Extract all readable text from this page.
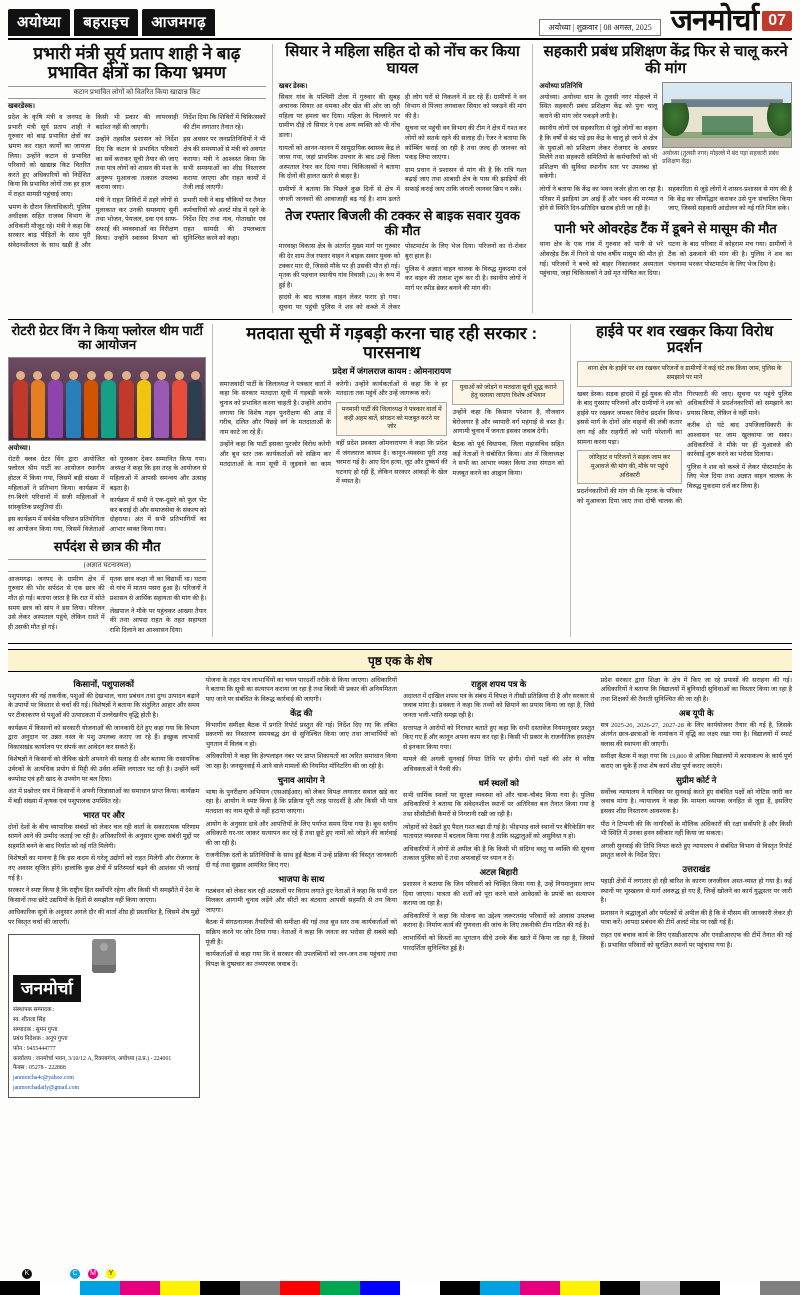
अयोध्या	बहराइच	आजमगढ़	अयोध्या | शुक्रवार | 08 अगस्त, 2025 जनमोर्च 07
प्रभारी मंत्री सूर्य प्रताप शाही ने बाढ़ प्रभावित क्षेत्रों का किया भ्रमण
कटान प्रभावित लोगों को वितरित किया खाद्यान्न किट
खबरडेस्क।

प्रदेश के कृषि मंत्री व जनपद के प्रभारी मंत्री सूर्य प्रताप शाही ने गुरुवार को बाढ़ प्रभावित क्षेत्रों का भ्रमण कर राहत कार्यों का जायजा लिया। उन्होंने कटान से प्रभावित परिवारों को खाद्यान्न किट वितरित करते हुए अधिकारियों को निर्देशित किया कि प्रभावित लोगों तक हर हाल में राहत सामग्री पहुंचाई जाए।

भ्रमण के दौरान जिलाधिकारी, पुलिस अधीक्षक सहित राजस्व विभाग के अधिकारी मौजूद रहे। मंत्री ने कहा कि सरकार बाढ़ पीड़ितों के साथ पूरी संवेदनशीलता के साथ खड़ी है और किसी भी प्रकार की लापरवाही बर्दाश्त नहीं की जाएगी।

उन्होंने तहसील प्रशासन को निर्देश दिए कि कटान से प्रभावित परिवारों का सर्वे कराकर सूची तैयार की जाए तथा पात्र लोगों को शासन की मंशा के अनुरूप मुआवजा तत्काल उपलब्ध कराया जाए।

मंत्री ने राहत शिविरों में ठहरे लोगों से मुलाकात कर उनकी समस्याएं सुनीं तथा भोजन, पेयजल, दवा एवं साफ-सफाई की व्यवस्थाओं का निरीक्षण किया। उन्होंने स्वास्थ्य विभाग को निर्देश दिया कि शिविरों में चिकित्सकों की टीम लगातार तैनात रहे।

इस अवसर पर जनप्रतिनिधियों ने भी क्षेत्र की समस्याओं से मंत्री को अवगत कराया। मंत्री ने आश्वस्त किया कि सभी समस्याओं का शीघ्र निस्तारण कराया जाएगा और राहत कार्यों में तेजी लाई जाएगी।

प्रभारी मंत्री ने बाढ़ चौकियों पर तैनात कर्मचारियों को अलर्ट मोड में रहने के निर्देश दिए तथा नाव, गोताखोर एवं राहत सामग्री की उपलब्धता सुनिश्चित करने को कहा।

सियार ने महिला सहित दो को नोंच कर किया घायल
खबर डेस्क।

सिवार गांव के पश्चिमी टोला में गुरुवार की सुबह अचानक सियार आ धमका और खेत की ओर जा रही महिला पर हमला कर दिया। महिला के चिल्लाने पर ग्रामीण दौड़े तो सियार ने एक अन्य व्यक्ति को भी नोंच डाला।

घायलों को आनन-फानन में सामुदायिक स्वास्थ्य केंद्र ले जाया गया, जहां प्राथमिक उपचार के बाद उन्हें जिला अस्पताल रेफर कर दिया गया। चिकित्सकों ने बताया कि दोनों की हालत खतरे से बाहर है।

ग्रामीणों ने बताया कि पिछले कुछ दिनों से क्षेत्र में जंगली जानवरों की आवाजाही बढ़ गई है। शाम ढलते ही लोग घरों से निकलने में डर रहे हैं। ग्रामीणों ने वन विभाग से पिंजरा लगवाकर सियार को पकड़ने की मांग की है।

सूचना पर पहुंची वन विभाग की टीम ने क्षेत्र में गश्त कर लोगों को सतर्क रहने की सलाह दी। रेंजर ने बताया कि कॉम्बिंग कराई जा रही है तथा जल्द ही जानवर को पकड़ लिया जाएगा।

ग्राम प्रधान ने प्रशासन से मांग की है कि रात्रि गश्त बढ़ाई जाए तथा आबादी क्षेत्र के पास की झाड़ियों की सफाई कराई जाए ताकि जंगली जानवर छिप न सकें।

तेज रफ्तार बिजली की टक्कर से बाइक सवार युवक की मौत

मारवाहा विकास क्षेत्र के अंतर्गत मुख्य मार्ग पर गुरुवार की देर शाम तेज रफ्तार वाहन ने बाइक सवार युवक को टक्कर मार दी, जिससे मौके पर ही उसकी मौत हो गई। मृतक की पहचान स्थानीय गांव निवासी (26) के रूप में हुई है।

हादसे के बाद चालक वाहन लेकर फरार हो गया। सूचना पर पहुंची पुलिस ने शव को कब्जे में लेकर पोस्टमार्टम के लिए भेज दिया। परिजनों का रो-रोकर बुरा हाल है।

पुलिस ने अज्ञात वाहन चालक के विरुद्ध मुकदमा दर्ज कर वाहन की तलाश शुरू कर दी है। स्थानीय लोगों ने मार्ग पर स्पीड ब्रेकर बनाने की मांग की।

सहकारी प्रबंध प्रशिक्षण केंद्र फिर से चालू करने की मांग
अयोध्या प्रतिनिधि

अयोध्या। अयोध्या धाम के तुलसी नगर मोहल्ले में स्थित सहकारी प्रबंध प्रशिक्षण केंद्र को पुनः चालू कराने की मांग जोर पकड़ने लगी है।

स्थानीय लोगों एवं सहकारिता से जुड़े लोगों का कहना है कि वर्षों से बंद पड़े इस केंद्र के चालू हो जाने से क्षेत्र के युवाओं को प्रशिक्षण लेकर रोजगार के अवसर मिलेंगे तथा सहकारी समितियों के कर्मचारियों को भी प्रशिक्षण की सुविधा स्थानीय स्तर पर उपलब्ध हो सकेगी।

अयोध्या (तुलसी नगर) मोहल्ले में बंद पड़ा सहकारी प्रबंध प्रशिक्षण केंद्र।

लोगों ने बताया कि केंद्र का भवन जर्जर होता जा रहा है। परिसर में झाड़ियां उग आई हैं और भवन की मरम्मत न होने से स्थिति दिन-प्रतिदिन खराब होती जा रही है।

सहकारिता से जुड़े लोगों ने शासन-प्रशासन से मांग की है कि केंद्र का जीर्णोद्धार कराकर उसे पुनः संचालित किया जाए, जिससे सहकारी आंदोलन को नई गति मिल सके।

पानी भरे ओवरहेड टैंक में डूबने से मासूम की मौत

थाना क्षेत्र के एक गांव में गुरुवार को पानी से भरे ओवरहेड टैंक में गिरने से पांच वर्षीय मासूम की मौत हो गई। परिजनों ने बच्चे को बाहर निकालकर अस्पताल पहुंचाया, जहां चिकित्सकों ने उसे मृत घोषित कर दिया।

घटना के बाद परिवार में कोहराम मच गया। ग्रामीणों ने टैंक को ढकवाने की मांग की है। पुलिस ने शव का पंचनामा भरकर पोस्टमार्टम के लिए भेज दिया है।

रोटरी ग्रेटर विंग ने किया फ्लोरल थीम पार्टी का आयोजन
अयोध्या।

रोटरी क्लब ग्रेटर विंग द्वारा आयोजित फ्लोरल थीम पार्टी का आयोजन स्थानीय होटल में किया गया, जिसमें बड़ी संख्या में महिलाओं ने प्रतिभाग किया। कार्यक्रम में रंग-बिरंगे परिधानों में सजी महिलाओं ने सांस्कृतिक प्रस्तुतियां दीं।

इस कार्यक्रम में सर्वश्रेष्ठ परिधान प्रतियोगिता का आयोजन किया गया, जिसमें विजेताओं को पुरस्कार देकर सम्मानित किया गया। अध्यक्ष ने कहा कि इस तरह के आयोजन से महिलाओं में आपसी समन्वय और उत्साह बढ़ता है।

कार्यक्रम में सभी ने एक-दूसरे को फूल भेंट कर बधाई दी और समाजसेवा के संकल्प को दोहराया। अंत में सभी प्रतिभागियों का आभार व्यक्त किया गया।

सर्पदंश से छात्र की मौत
(अज्ञात घटनास्थल)

आजमगढ़। जनपद के ग्रामीण क्षेत्र में गुरुवार की भोर सर्पदंश से एक छात्र की मौत हो गई। बताया जाता है कि रात में सोते समय छात्र को सांप ने डस लिया। परिजन उसे लेकर अस्पताल पहुंचे, लेकिन रास्ते में ही उसकी मौत हो गई।

मृतक छात्र कक्षा नौ का विद्यार्थी था। घटना से गांव में मातम पसरा हुआ है। परिजनों ने प्रशासन से आर्थिक सहायता की मांग की है।

लेखपाल ने मौके पर पहुंचकर आख्या तैयार की तथा आपदा राहत के तहत सहायता राशि दिलाने का आश्वासन दिया।

मतदाता सूची में गड़बड़ी करना चाह रही सरकार : पारसनाथ
प्रदेश में जंगलराज कायम : ओमनारायण

समाजवादी पार्टी के जिलाध्यक्ष ने पत्रकार वार्ता में कहा कि सरकार मतदाता सूची में गड़बड़ी करके चुनाव को प्रभावित करना चाहती है। उन्होंने आरोप लगाया कि विशेष गहन पुनरीक्षण की आड़ में गरीब, दलित और पिछड़े वर्ग के मतदाताओं के नाम काटे जा रहे हैं।

उन्होंने कहा कि पार्टी इसका पुरजोर विरोध करेगी और बूथ स्तर तक कार्यकर्ताओं को सक्रिय कर मतदाताओं के नाम सूची में जुड़वाने का काम करेगी। उन्होंने कार्यकर्ताओं से कहा कि वे हर मतदाता तक पहुंचें और उन्हें जागरूक करें।

मनमानी पार्टी की जिलाध्यक्ष ने पत्रकार वार्ता में कही अहम बातें, संगठन को मजबूत करने पर जोर

वहीं प्रदेश प्रवक्ता ओमनारायण ने कहा कि प्रदेश में जंगलराज कायम है। कानून-व्यवस्था पूरी तरह चरमरा गई है। आए दिन हत्या, लूट और दुष्कर्म की घटनाएं हो रही हैं, लेकिन सरकार आंकड़ों के खेल में व्यस्त है।

युवाओं को जोड़ने व मतदाता सूची शुद्ध कराने हेतु चलाया जाएगा विशेष अभियान

उन्होंने कहा कि किसान परेशान है, नौजवान बेरोजगार है और व्यापारी वर्ग महंगाई से त्रस्त है। आगामी चुनाव में जनता इसका जवाब देगी।

बैठक को पूर्व विधायक, जिला महासचिव सहित कई नेताओं ने संबोधित किया। अंत में जिलाध्यक्ष ने सभी का आभार व्यक्त किया तथा संगठन को मजबूत करने का आह्वान किया।

हाईवे पर शव रखकर किया विरोध प्रदर्शन
थाना क्षेत्र के हाईवे पर शव रखकर परिजनों व ग्रामीणों ने कई घंटे तक किया जाम, पुलिस के समझाने पर माने

खबर डेस्क। सड़क हादसे में हुई युवक की मौत के बाद गुस्साए परिजनों और ग्रामीणों ने शव को हाईवे पर रखकर जमकर विरोध प्रदर्शन किया। इससे मार्ग के दोनों ओर वाहनों की लंबी कतार लग गई और राहगीरों को भारी परेशानी का सामना करना पड़ा।

जोरिहाट व परिजनों ने सड़क जाम कर मुआवजे की मांग की, मौके पर पहुंचे अधिकारी

प्रदर्शनकारियों की मांग थी कि मृतक के परिवार को मुआवजा दिया जाए तथा दोषी चालक की गिरफ्तारी की जाए। सूचना पर पहुंचे पुलिस अधिकारियों ने प्रदर्शनकारियों को समझाने का प्रयास किया, लेकिन वे नहीं माने।

करीब दो घंटे बाद उपजिलाधिकारी के आश्वासन पर जाम खुलवाया जा सका। अधिकारियों ने मौके पर ही मुआवजे की कार्रवाई शुरू करने का भरोसा दिलाया।

पुलिस ने शव को कब्जे में लेकर पोस्टमार्टम के लिए भेज दिया तथा अज्ञात वाहन चालक के विरुद्ध मुकदमा दर्ज कर लिया है।

पृष्ठ एक के शेष
किसानों, पशुपालकों

पशुपालन की नई तकनीक, पशुओं की देखभाल, चारा प्रबंधन तथा दुग्ध उत्पादन बढ़ाने के उपायों पर विस्तार से चर्चा की गई। विशेषज्ञों ने बताया कि संतुलित आहार और समय पर टीकाकरण से पशुओं की उत्पादकता में उल्लेखनीय वृद्धि होती है।

कार्यक्रम में किसानों को सरकारी योजनाओं की जानकारी देते हुए कहा गया कि विभाग द्वारा अनुदान पर उन्नत नस्ल के पशु उपलब्ध कराए जा रहे हैं। इच्छुक लाभार्थी विकासखंड कार्यालय पर संपर्क कर आवेदन कर सकते हैं।

विशेषज्ञों ने किसानों को जैविक खेती अपनाने की सलाह दी और बताया कि रासायनिक उर्वरकों के अत्यधिक प्रयोग से मिट्टी की उर्वरा शक्ति लगातार घट रही है। उन्होंने वर्मी कम्पोस्ट एवं हरी खाद के उपयोग पर बल दिया।

अंत में प्रश्नोत्तर सत्र में किसानों ने अपनी जिज्ञासाओं का समाधान प्राप्त किया। कार्यक्रम में बड़ी संख्या में कृषक एवं पशुपालक उपस्थित रहे।

भारत पर और

दोनों देशों के बीच व्यापारिक संबंधों को लेकर चल रही वार्ता के सकारात्मक परिणाम सामने आने की उम्मीद जताई जा रही है। अधिकारियों के अनुसार शुल्क संबंधी मुद्दों पर सहमति बनने के बाद निर्यात को नई गति मिलेगी।

विशेषज्ञों का मानना है कि इस कदम से घरेलू उद्योगों को राहत मिलेगी और रोजगार के नए अवसर सृजित होंगे। हालांकि कुछ क्षेत्रों में प्रतिस्पर्धा बढ़ने की आशंका भी जताई गई है।

सरकार ने स्पष्ट किया है कि राष्ट्रीय हित सर्वोपरि रहेगा और किसी भी समझौते में देश के किसानों तथा छोटे उद्यमियों के हितों से समझौता नहीं किया जाएगा।

आधिकारिक सूत्रों के अनुसार अगले दौर की वार्ता शीघ्र ही प्रस्तावित है, जिसमें शेष मुद्दों पर विस्तृत चर्चा की जाएगी।

जनमोर्च
संस्थापक सम्पादक :
स्व. शीतला सिंह
सम्पादक : सुमन गुप्ता
प्रबंध निदेशक : अनूप गुप्ता
फोन : 9455444777
कार्यालय : जनमोर्चा भवन, 3/10/12 A, रिकाबगंज, अयोध्या (उ.प्र.) - 224001
फैक्स : 05278 - 222888
janmorcha4c@yahoo.com
janmorchadaily@gmail.com

योजना के तहत पात्र लाभार्थियों का चयन पारदर्शी तरीके से किया जाएगा। अधिकारियों ने बताया कि सूची का सत्यापन कराया जा रहा है तथा किसी भी प्रकार की अनियमितता पाए जाने पर संबंधित के विरुद्ध कार्रवाई की जाएगी।

केंद्र की

विभागीय समीक्षा बैठक में प्रगति रिपोर्ट प्रस्तुत की गई। निर्देश दिए गए कि लंबित प्रकरणों का निस्तारण समयबद्ध ढंग से सुनिश्चित किया जाए तथा लाभार्थियों को भुगतान में विलंब न हो।

अधिकारियों ने कहा कि हेल्पलाइन नंबर पर प्राप्त शिकायतों का त्वरित समाधान किया जा रहा है। जनसुनवाई में आने वाले मामलों की नियमित मॉनिटरिंग की जा रही है।

चुनाव आयोग ने

भाषा के पुनरीक्षण अभियान (एसआईआर) को लेकर विपक्ष लगातार सवाल खड़े कर रहा है। आयोग ने स्पष्ट किया है कि प्रक्रिया पूरी तरह पारदर्शी है और किसी भी पात्र मतदाता का नाम सूची से नहीं हटाया जाएगा।

आयोग के अनुसार दावे और आपत्तियों के लिए पर्याप्त समय दिया गया है। बूथ स्तरीय अधिकारी घर-घर जाकर सत्यापन कर रहे हैं तथा छूटे हुए नामों को जोड़ने की कार्रवाई की जा रही है।

राजनीतिक दलों के प्रतिनिधियों के साथ हुई बैठक में उन्हें प्रक्रिया की विस्तृत जानकारी दी गई तथा सुझाव आमंत्रित किए गए।

भाजपा के साथ

गठबंधन को लेकर चल रही अटकलों पर विराम लगाते हुए नेताओं ने कहा कि सभी दल मिलकर आगामी चुनाव लड़ेंगे और सीटों का बंटवारा आपसी सहमति से तय किया जाएगा।

बैठक में संगठनात्मक तैयारियों की समीक्षा की गई तथा बूथ स्तर तक कार्यकर्ताओं को सक्रिय करने पर जोर दिया गया। नेताओं ने कहा कि जनता का भरोसा ही सबसे बड़ी पूंजी है।

कार्यकर्ताओं से कहा गया कि वे सरकार की उपलब्धियों को जन-जन तक पहुंचाएं तथा विपक्ष के दुष्प्रचार का तथ्यपरक जवाब दें।

राहुल शपथ पत्र के

अदालत में दाखिल शपथ पत्र के संबंध में विपक्ष ने तीखी प्रतिक्रिया दी है और सरकार से जवाब मांगा है। प्रवक्ता ने कहा कि तथ्यों को छिपाने का प्रयास किया जा रहा है, जिसे जनता भली-भांति समझ रही है।

सत्तापक्ष ने आरोपों को निराधार बताते हुए कहा कि सभी दस्तावेज नियमानुसार प्रस्तुत किए गए हैं और कानून अपना काम कर रहा है। किसी भी प्रकार के राजनीतिक हस्तक्षेप से इनकार किया गया।

मामले की अगली सुनवाई नियत तिथि पर होगी। दोनों पक्षों की ओर से वरिष्ठ अधिवक्ताओं ने पैरवी की।

धर्म स्थलों को

सभी धार्मिक स्थलों पर सुरक्षा व्यवस्था को और चाक-चौबंद किया गया है। पुलिस अधिकारियों ने बताया कि संवेदनशील स्थानों पर अतिरिक्त बल तैनात किया गया है तथा सीसीटीवी कैमरों से निगरानी रखी जा रही है।

त्योहारों को देखते हुए पैदल गश्त बढ़ा दी गई है। भीड़भाड़ वाले स्थानों पर बैरिकेडिंग कर यातायात व्यवस्था में बदलाव किया गया है ताकि श्रद्धालुओं को असुविधा न हो।

अधिकारियों ने लोगों से अपील की है कि किसी भी संदिग्ध वस्तु या व्यक्ति की सूचना तत्काल पुलिस को दें तथा अफवाहों पर ध्यान न दें।

अटल बिहारी

प्रशासन ने बताया कि जिन परिवारों को चिन्हित किया गया है, उन्हें नियमानुसार लाभ दिया जाएगा। पात्रता की शर्तों को पूरा करने वाले आवेदकों के प्रपत्रों का सत्यापन कराया जा रहा है।

अधिकारियों ने कहा कि योजना का उद्देश्य जरूरतमंद परिवारों को आवास उपलब्ध कराना है। निर्माण कार्य की गुणवत्ता की जांच के लिए तकनीकी टीम गठित की गई है।

लाभार्थियों को किस्तों का भुगतान सीधे उनके बैंक खाते में किया जा रहा है, जिससे पारदर्शिता सुनिश्चित हुई है।

प्रदेश सरकार द्वारा शिक्षा के क्षेत्र में किए जा रहे प्रयासों की सराहना की गई। अधिकारियों ने बताया कि विद्यालयों में बुनियादी सुविधाओं का विस्तार किया जा रहा है तथा शिक्षकों की तैनाती सुनिश्चित की जा रही है।

अब यूपी के

सत्र 2025-26, 2026-27, 2027-28 के लिए कार्ययोजना तैयार की गई है, जिसके अंतर्गत छात्र-छात्राओं के नामांकन में वृद्धि का लक्ष्य रखा गया है। विद्यालयों में स्मार्ट क्लास की स्थापना की जाएगी।

समीक्षा बैठक में कहा गया कि 19,800 से अधिक विद्यालयों में कायाकल्प के कार्य पूर्ण कराए जा चुके हैं तथा शेष कार्य शीघ्र पूर्ण कराए जाएंगे।

सुप्रीम कोर्ट ने

सर्वोच्च न्यायालय ने याचिका पर सुनवाई करते हुए संबंधित पक्षों को नोटिस जारी कर जवाब मांगा है। न्यायालय ने कहा कि मामला व्यापक जनहित से जुड़ा है, इसलिए इसका शीघ्र निस्तारण आवश्यक है।

पीठ ने टिप्पणी की कि नागरिकों के मौलिक अधिकारों की रक्षा सर्वोपरि है और किसी भी स्थिति में उनका हनन स्वीकार नहीं किया जा सकता।

अगली सुनवाई की तिथि नियत करते हुए न्यायालय ने संबंधित विभाग से विस्तृत रिपोर्ट प्रस्तुत करने के निर्देश दिए।

उत्तराखंड

पहाड़ी क्षेत्रों में लगातार हो रही बारिश के कारण जनजीवन अस्त-व्यस्त हो गया है। कई स्थानों पर भूस्खलन से मार्ग अवरुद्ध हो गए हैं, जिन्हें खोलने का कार्य युद्धस्तर पर जारी है।

प्रशासन ने श्रद्धालुओं और पर्यटकों से अपील की है कि वे मौसम की जानकारी लेकर ही यात्रा करें। आपदा प्रबंधन की टीमें अलर्ट मोड पर रखी गई हैं।

राहत एवं बचाव कार्य के लिए एसडीआरएफ और एनडीआरएफ की टीमें तैनात की गई हैं। प्रभावित परिवारों को सुरक्षित स्थानों पर पहुंचाया गया है।

K	C	M	Y
